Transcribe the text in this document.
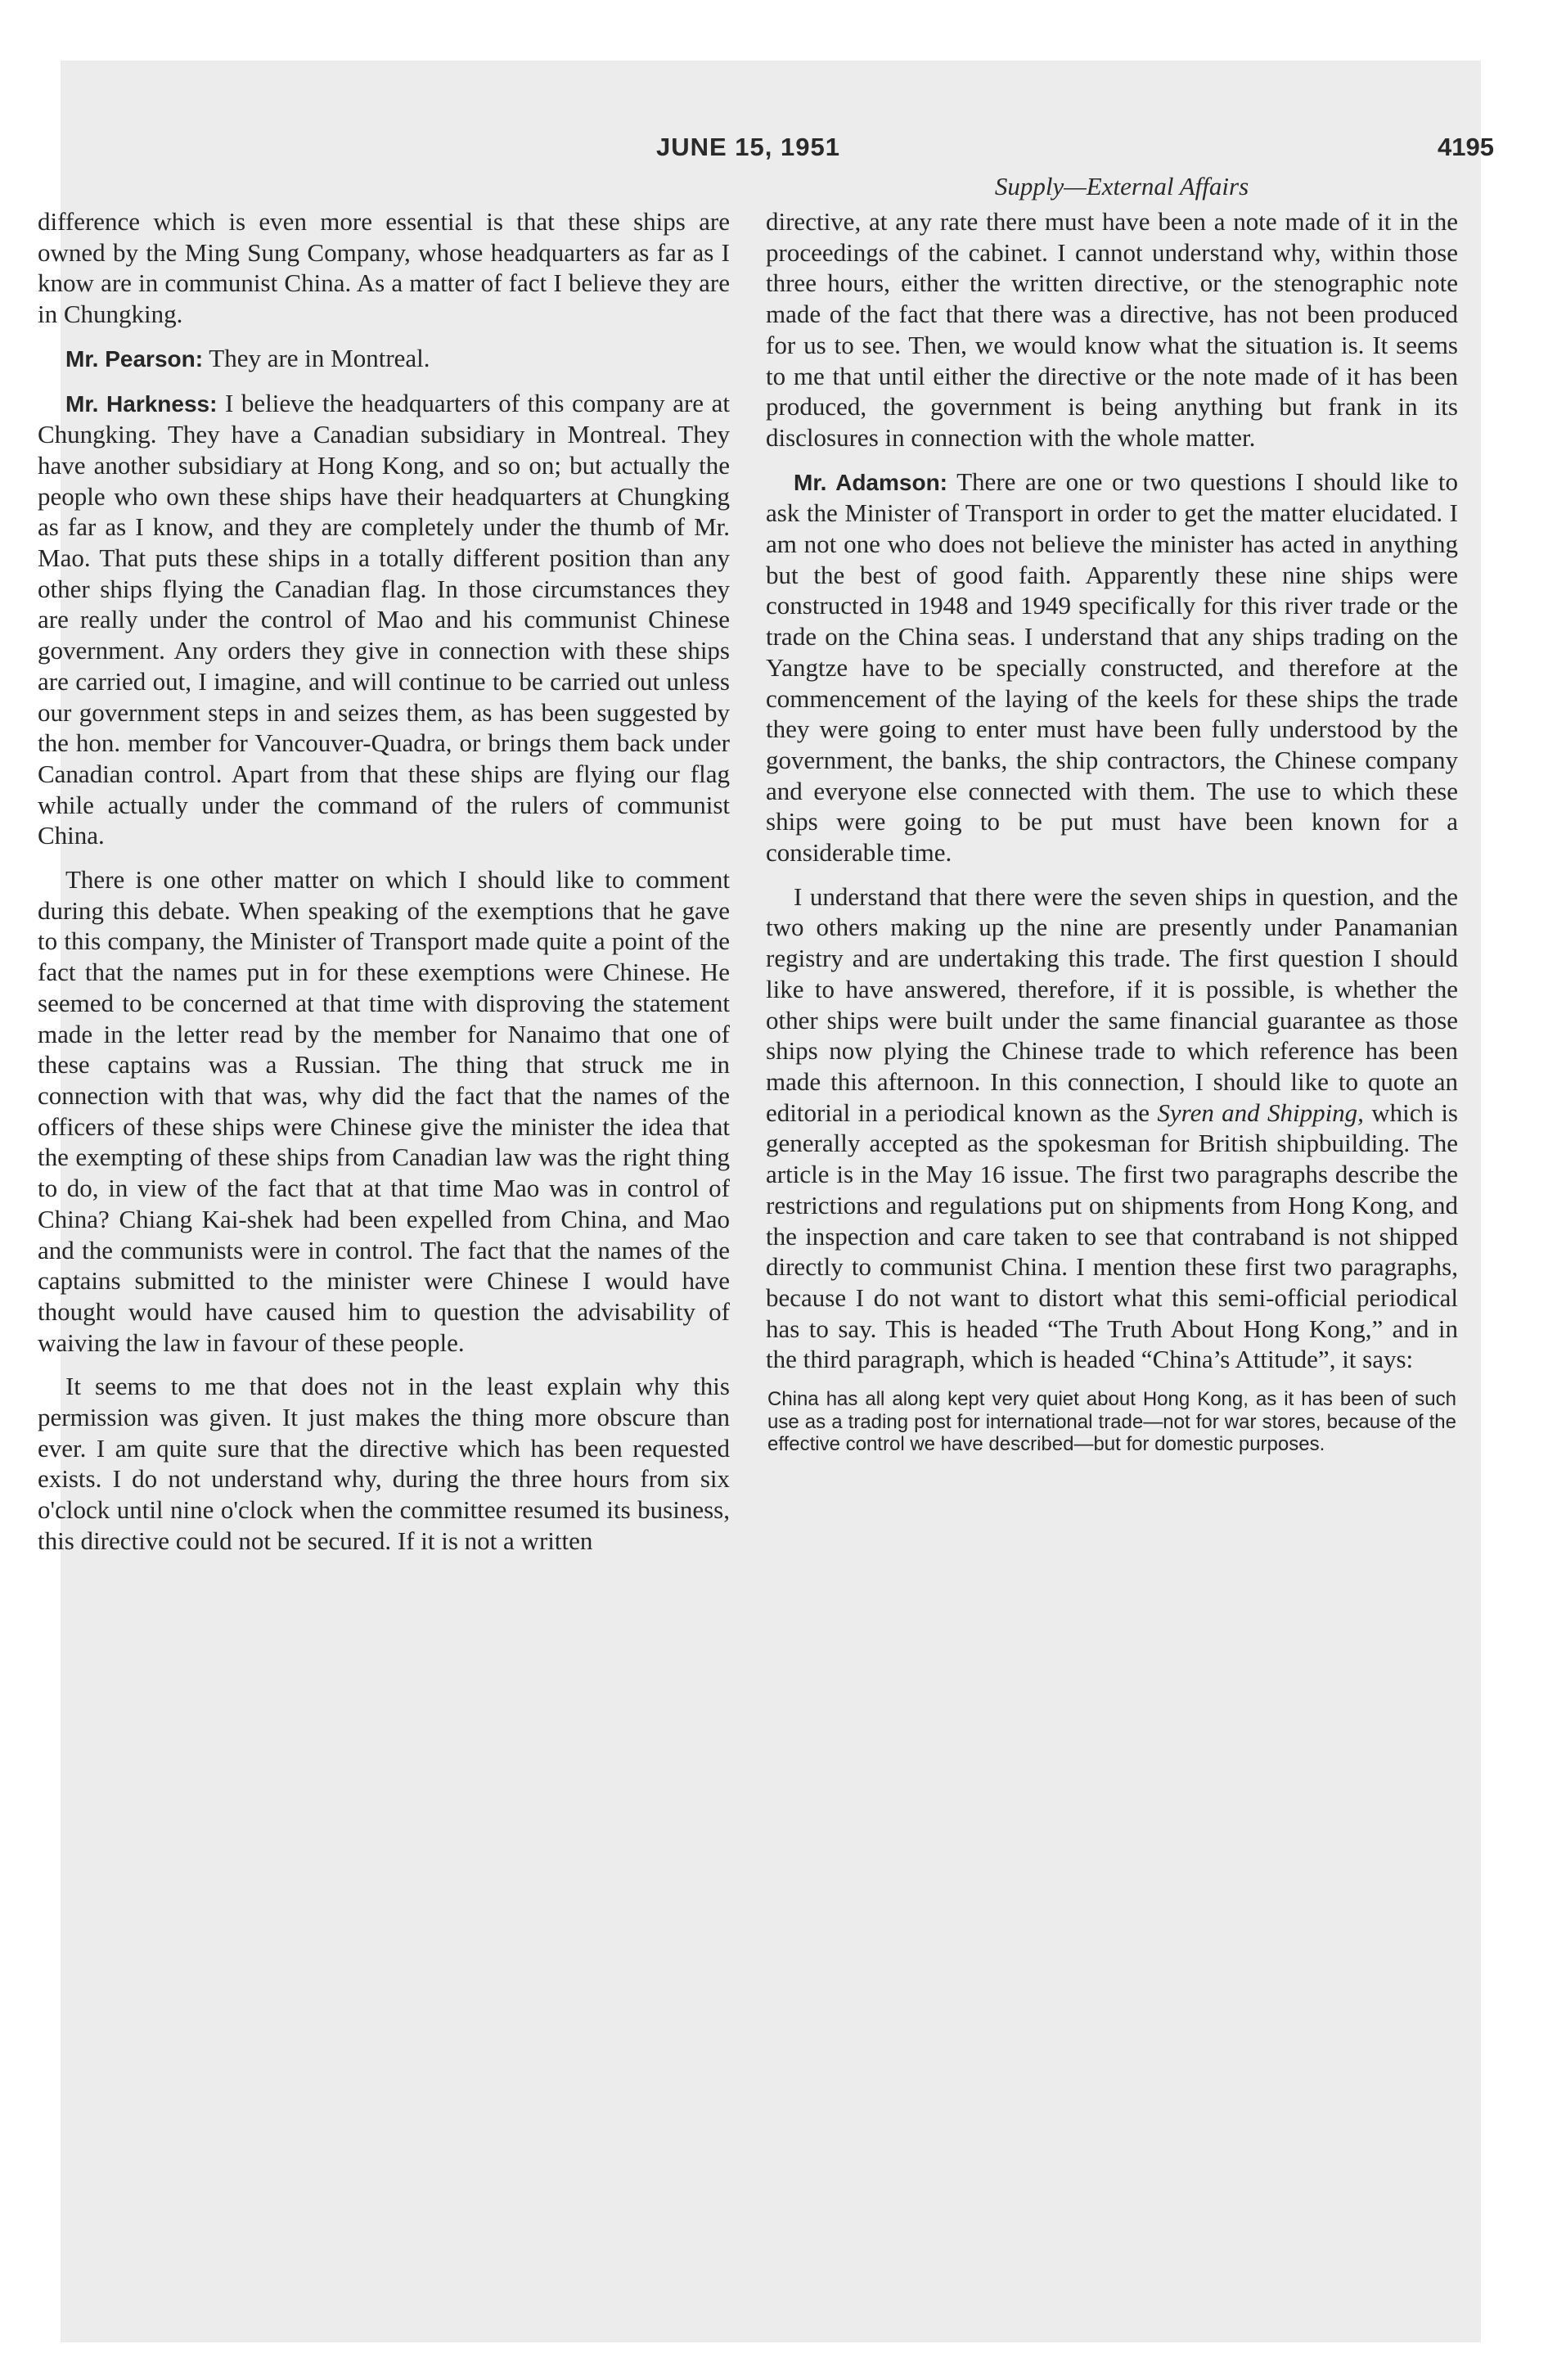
JUNE 15, 1951	4195
Supply—External Affairs

difference which is even more essential is that these ships are owned by the Ming Sung Company, whose headquarters as far as I know are in communist China. As a matter of fact I believe they are in Chungking.

Mr. Pearson: They are in Montreal.

Mr. Harkness: I believe the headquarters of this company are at Chungking. They have a Canadian subsidiary in Montreal. They have another subsidiary at Hong Kong, and so on; but actually the people who own these ships have their headquarters at Chungking as far as I know, and they are completely under the thumb of Mr. Mao. That puts these ships in a totally different position than any other ships flying the Canadian flag. In those circumstances they are really under the control of Mao and his communist Chinese government. Any orders they give in connection with these ships are carried out, I imagine, and will continue to be carried out unless our government steps in and seizes them, as has been suggested by the hon. member for Vancouver-Quadra, or brings them back under Canadian control. Apart from that these ships are flying our flag while actually under the command of the rulers of communist China.

There is one other matter on which I should like to comment during this debate. When speaking of the exemptions that he gave to this company, the Minister of Transport made quite a point of the fact that the names put in for these exemptions were Chinese. He seemed to be concerned at that time with disproving the statement made in the letter read by the member for Nanaimo that one of these captains was a Russian. The thing that struck me in connection with that was, why did the fact that the names of the officers of these ships were Chinese give the minister the idea that the exempting of these ships from Canadian law was the right thing to do, in view of the fact that at that time Mao was in control of China? Chiang Kai-shek had been expelled from China, and Mao and the communists were in control. The fact that the names of the captains submitted to the minister were Chinese I would have thought would have caused him to question the advisability of waiving the law in favour of these people.

It seems to me that does not in the least explain why this permission was given. It just makes the thing more obscure than ever. I am quite sure that the directive which has been requested exists. I do not understand why, during the three hours from six o'clock until nine o'clock when the committee resumed its business, this directive could not be secured. If it is not a written

directive, at any rate there must have been a note made of it in the proceedings of the cabinet. I cannot understand why, within those three hours, either the written directive, or the stenographic note made of the fact that there was a directive, has not been produced for us to see. Then, we would know what the situation is. It seems to me that until either the directive or the note made of it has been produced, the government is being anything but frank in its disclosures in connection with the whole matter.

Mr. Adamson: There are one or two questions I should like to ask the Minister of Transport in order to get the matter elucidated. I am not one who does not believe the minister has acted in anything but the best of good faith. Apparently these nine ships were constructed in 1948 and 1949 specifically for this river trade or the trade on the China seas. I understand that any ships trading on the Yangtze have to be specially constructed, and therefore at the commencement of the laying of the keels for these ships the trade they were going to enter must have been fully understood by the government, the banks, the ship contractors, the Chinese company and everyone else connected with them. The use to which these ships were going to be put must have been known for a considerable time.

I understand that there were the seven ships in question, and the two others making up the nine are presently under Panamanian registry and are undertaking this trade. The first question I should like to have answered, therefore, if it is possible, is whether the other ships were built under the same financial guarantee as those ships now plying the Chinese trade to which reference has been made this afternoon. In this connection, I should like to quote an editorial in a periodical known as the Syren and Shipping, which is generally accepted as the spokesman for British shipbuilding. The article is in the May 16 issue. The first two paragraphs describe the restrictions and regulations put on shipments from Hong Kong, and the inspection and care taken to see that contraband is not shipped directly to communist China. I mention these first two paragraphs, because I do not want to distort what this semi-official periodical has to say. This is headed “The Truth About Hong Kong,” and in the third paragraph, which is headed “China’s Attitude”, it says:

China has all along kept very quiet about Hong Kong, as it has been of such use as a trading post for international trade—not for war stores, because of the effective control we have described—but for domestic purposes.
